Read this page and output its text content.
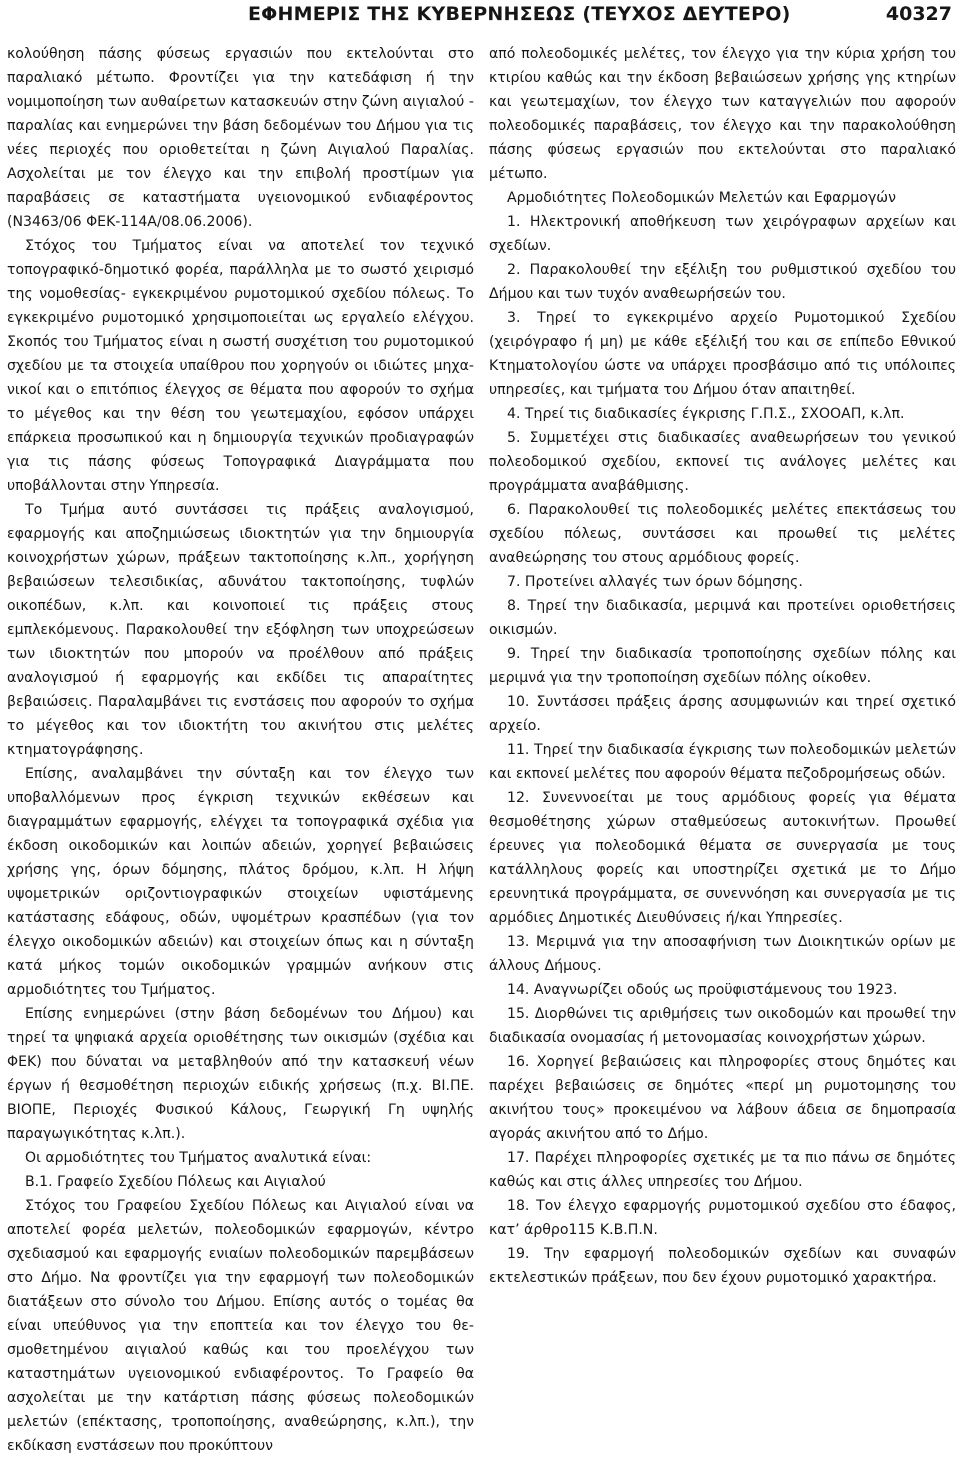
ΕΦΗΜΕΡΙΣ ΤΗΣ ΚΥΒΕΡΝΗΣΕΩΣ (ΤΕΥΧΟΣ ΔΕΥΤΕΡΟ)	40327

κολούθηση πάσης φύσεως εργασιών που εκτελούνται στο παραλιακό μέτωπο. Φροντίζει για την κατεδάφιση ή την νομιμοποίηση των αυθαίρετων κατασκευών στην ζώνη αιγιαλού - παραλίας και ενημερώνει την βάση δεδομένων του Δήμου για τις νέες περιοχές που οριοθετείται η ζώνη Αιγιαλού Παραλίας. Ασχολείται με τον έλεγχο και την επιβολή προστίμων για παραβάσεις σε καταστήματα υγειονομικού ενδιαφέροντος (Ν3463/06 ΦΕΚ-114Α/08.06.2006).

Στόχος του Τμήματος είναι να αποτελεί τον τεχνικό τοπογραφικό-δημοτικό φορέα, παράλληλα με το σωστό χειρισμό της νομοθεσίας- εγκεκριμένου ρυμοτομικού σχεδίου πόλεως. Το εγκεκριμένο ρυμοτομικό χρησιμοποιείται ως εργαλείο ελέγχου. Σκοπός του Τμήματος είναι η σωστή συσχέτιση του ρυμοτομικού σχεδίου με τα στοιχεία υπαίθρου που χορηγούν οι ιδιώτες μηχανικοί και ο επιτόπιος έλεγχος σε θέματα που αφορούν το σχήμα το μέγεθος και την θέση του γεωτεμαχίου, εφόσον υπάρχει επάρκεια προσωπικού και η δημιουργία τεχνικών προδιαγραφών για τις πάσης φύσεως Τοπογραφικά Διαγράμματα που υποβάλλονται στην Υπηρεσία.

Το Τμήμα αυτό συντάσσει τις πράξεις αναλογισμού, εφαρμογής και αποζημιώσεως ιδιοκτητών για την δημιουργία κοινοχρήστων χώρων, πράξεων τακτοποίησης κ.λπ., χορήγηση βεβαιώσεων τελεσιδικίας, αδυνάτου τακτοποίησης, τυφλών οικοπέδων, κ.λπ. και κοινοποιεί τις πράξεις στους εμπλεκόμενους. Παρακολουθεί την εξόφληση των υποχρεώσεων των ιδιοκτητών που μπορούν να προέλθουν από πράξεις αναλογισμού ή εφαρμογής και εκδίδει τις απαραίτητες βεβαιώσεις. Παραλαμβάνει τις ενστάσεις που αφορούν το σχήμα το μέγεθος και τον ιδιοκτήτη του ακινήτου στις μελέτες κτηματογράφησης.

Επίσης, αναλαμβάνει την σύνταξη και τον έλεγχο των υποβαλλόμενων προς έγκριση τεχνικών εκθέσεων και διαγραμμάτων εφαρμογής, ελέγχει τα τοπογραφικά σχέδια για έκδοση οικοδομικών και λοιπών αδειών, χορηγεί βεβαιώσεις χρήσης γης, όρων δόμησης, πλάτος δρόμου, κ.λπ. Η λήψη υψομετρικών οριζοντιογραφικών στοιχείων υφιστάμενης κατάστασης εδάφους, οδών, υψομέτρων κρασπέδων (για τον έλεγχο οικοδομικών αδειών) και στοιχείων όπως και η σύνταξη κατά μήκος τομών οικοδομικών γραμμών ανήκουν στις αρμοδιότητες του Τμήματος.

Επίσης ενημερώνει (στην βάση δεδομένων του Δήμου) και τηρεί τα ψηφιακά αρχεία οριοθέτησης των οικισμών (σχέδια και ΦΕΚ) που δύναται να μεταβληθούν από την κατασκευή νέων έργων ή θεσμοθέτηση περιοχών ειδικής χρήσεως (π.χ. ΒΙ.ΠΕ. ΒΙΟΠΕ, Περιοχές Φυσικού Κάλους, Γεωργική Γη υψηλής παραγωγικότητας κ.λπ.).

Οι αρμοδιότητες του Τμήματος αναλυτικά είναι:

Β.1. Γραφείο Σχεδίου Πόλεως και Αιγιαλού

Στόχος του Γραφείου Σχεδίου Πόλεως και Αιγιαλού είναι να αποτελεί φορέα μελετών, πολεοδομικών εφαρμογών, κέντρο σχεδιασμού και εφαρμογής ενιαίων πολεοδομικών παρεμβάσεων στο Δήμο. Να φροντίζει για την εφαρμογή των πολεοδομικών διατάξεων στο σύνολο του Δήμου. Επίσης αυτός ο τομέας θα είναι υπεύθυνος για την εποπτεία και τον έλεγχο του θεσμοθετημένου αιγιαλού καθώς και του προελέγχου των καταστημάτων υγειονομικού ενδιαφέροντος. Το Γραφείο θα ασχολείται με την κατάρτιση πάσης φύσεως πολεοδομικών μελετών (επέκτασης, τροποποίησης, αναθεώρησης, κ.λπ.), την εκδίκαση ενστάσεων που προκύπτουν

από πολεοδομικές μελέτες, τον έλεγχο για την κύρια χρήση του κτιρίου καθώς και την έκδοση βεβαιώσεων χρήσης γης κτηρίων και γεωτεμαχίων, τον έλεγχο των καταγγελιών που αφορούν πολεοδομικές παραβάσεις, τον έλεγχο και την παρακολούθηση πάσης φύσεως εργασιών που εκτελούνται στο παραλιακό μέτωπο.

Αρμοδιότητες Πολεοδομικών Μελετών και Εφαρμογών

1. Ηλεκτρονική αποθήκευση των χειρόγραφων αρχείων και σχεδίων.

2. Παρακολουθεί την εξέλιξη του ρυθμιστικού σχεδίου του Δήμου και των τυχόν αναθεωρήσεών του.

3. Τηρεί το εγκεκριμένο αρχείο Ρυμοτομικού Σχεδίου (χειρόγραφο ή μη) με κάθε εξέλιξή του και σε επίπεδο Εθνικού Κτηματολογίου ώστε να υπάρχει προσβάσιμο από τις υπόλοιπες υπηρεσίες, και τμήματα του Δήμου όταν απαιτηθεί.

4. Τηρεί τις διαδικασίες έγκρισης Γ.Π.Σ., ΣΧΟΟΑΠ, κ.λπ.

5. Συμμετέχει στις διαδικασίες αναθεωρήσεων του γενικού πολεοδομικού σχεδίου, εκπονεί τις ανάλογες μελέτες και προγράμματα αναβάθμισης.

6. Παρακολουθεί τις πολεοδομικές μελέτες επεκτάσεως του σχεδίου πόλεως, συντάσσει και προωθεί τις μελέτες αναθεώρησης του στους αρμόδιους φορείς.

7. Προτείνει αλλαγές των όρων δόμησης.

8. Τηρεί την διαδικασία, μεριμνά και προτείνει οριοθετήσεις οικισμών.

9. Τηρεί την διαδικασία τροποποίησης σχεδίων πόλης και μεριμνά για την τροποποίηση σχεδίων πόλης οίκοθεν.

10. Συντάσσει πράξεις άρσης ασυμφωνιών και τηρεί σχετικό αρχείο.

11. Τηρεί την διαδικασία έγκρισης των πολεοδομικών μελετών και εκπονεί μελέτες που αφορούν θέματα πεζοδρομήσεως οδών.

12. Συνεννοείται με τους αρμόδιους φορείς για θέματα θεσμοθέτησης χώρων σταθμεύσεως αυτοκινήτων. Προωθεί έρευνες για πολεοδομικά θέματα σε συνεργασία με τους κατάλληλους φορείς και υποστηρίζει σχετικά με το Δήμο ερευνητικά προγράμματα, σε συνεννόηση και συνεργασία με τις αρμόδιες Δημοτικές Διευθύνσεις ή/και Υπηρεσίες.

13. Μεριμνά για την αποσαφήνιση των Διοικητικών ορίων με άλλους Δήμους.

14. Αναγνωρίζει οδούς ως προϋφιστάμενους του 1923.

15. Διορθώνει τις αριθμήσεις των οικοδομών και προωθεί την διαδικασία ονομασίας ή μετονομασίας κοινοχρήστων χώρων.

16. Χορηγεί βεβαιώσεις και πληροφορίες στους δημότες και παρέχει βεβαιώσεις σε δημότες «περί μη ρυμοτομησης του ακινήτου τους» προκειμένου να λάβουν άδεια σε δημοπρασία αγοράς ακινήτου από το Δήμο.

17. Παρέχει πληροφορίες σχετικές με τα πιο πάνω σε δημότες καθώς και στις άλλες υπηρεσίες του Δήμου.

18. Τον έλεγχο εφαρμογής ρυμοτομικού σχεδίου στο έδαφος, κατ’ άρθρο115 Κ.Β.Π.Ν.

19. Την εφαρμογή πολεοδομικών σχεδίων και συναφών εκτελεστικών πράξεων, που δεν έχουν ρυμοτομικό χαρακτήρα.
